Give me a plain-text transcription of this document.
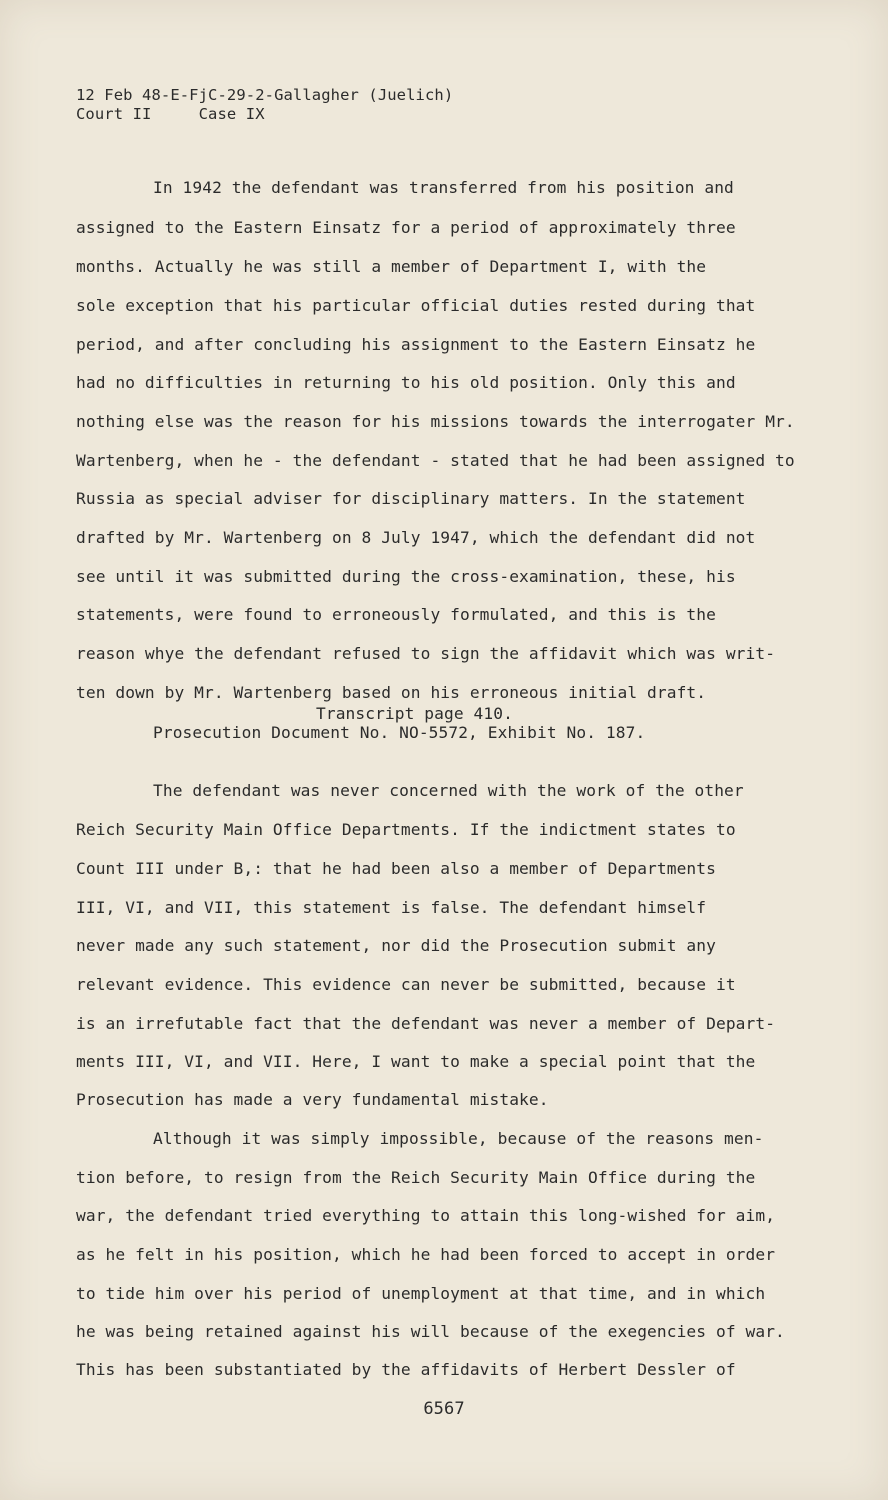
12 Feb 48-E-FjC-29-2-Gallagher (Juelich)
Court II     Case IX
In 1942 the defendant was transferred from his position and
assigned to the Eastern Einsatz for a period of approximately three
months. Actually he was still a member of Department I, with the
sole exception that his particular official duties rested during that
period, and after concluding his assignment to the Eastern Einsatz he
had no difficulties in returning to his old position. Only this and
nothing else was the reason for his missions towards the interrogater Mr.
Wartenberg, when he - the defendant - stated that he had been assigned to
Russia as special adviser for disciplinary matters. In the statement
drafted by Mr. Wartenberg on 8 July 1947, which the defendant did not
see until it was submitted during the cross-examination, these, his
statements, were found to erroneously formulated, and this is the
reason whye the defendant refused to sign the affidavit which was writ-
ten down by Mr. Wartenberg based on his erroneous initial draft.
Transcript page 410.
Prosecution Document No. NO-5572, Exhibit No. 187.
The defendant was never concerned with the work of the other
Reich Security Main Office Departments. If the indictment states to
Count III under B,: that he had been also a member of Departments
III, VI, and VII, this statement is false. The defendant himself
never made any such statement, nor did the Prosecution submit any
relevant evidence. This evidence can never be submitted, because it
is an irrefutable fact that the defendant was never a member of Depart-
ments III, VI, and VII. Here, I want to make a special point that the
Prosecution has made a very fundamental mistake.
Although it was simply impossible, because of the reasons men-
tion before, to resign from the Reich Security Main Office during the
war, the defendant tried everything to attain this long-wished for aim,
as he felt in his position, which he had been forced to accept in order
to tide him over his period of unemployment at that time, and in which
he was being retained against his will because of the exegencies of war.
This has been substantiated by the affidavits of Herbert Dessler of
6567
